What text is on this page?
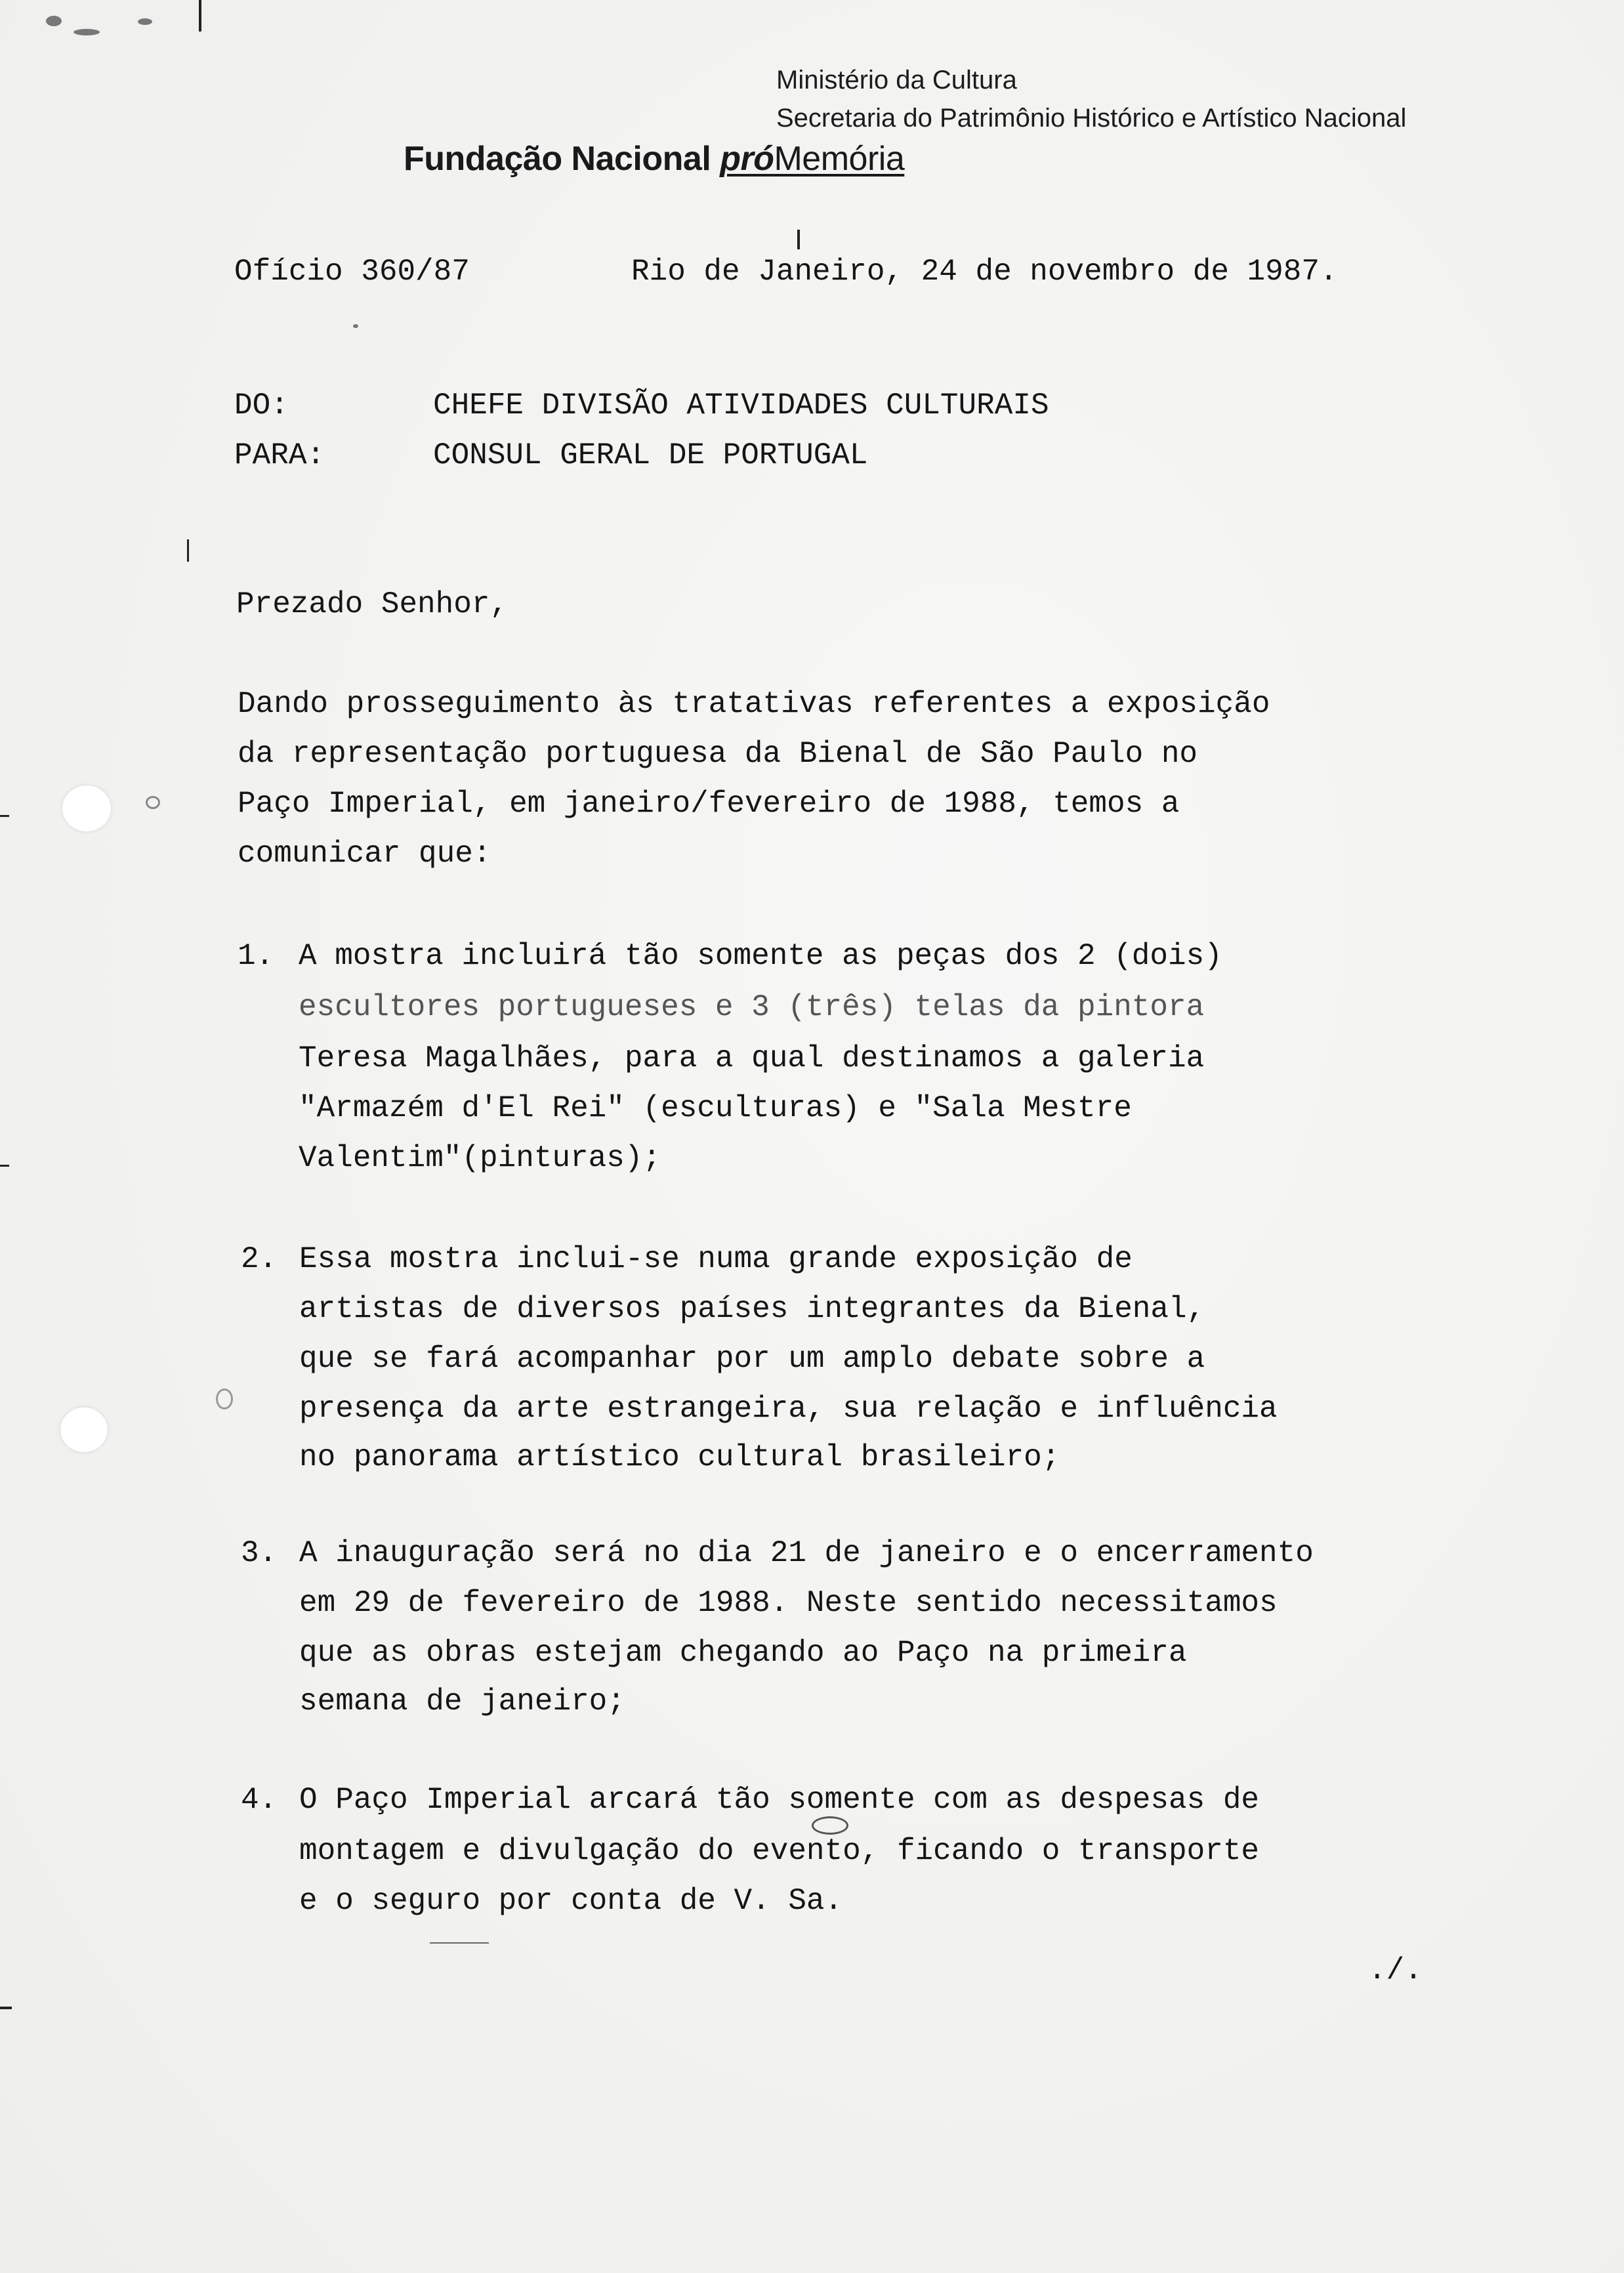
Ministério da Cultura
Secretaria do Patrimônio Histórico e Artístico Nacional
Fundação Nacional próMemória
Ofício 360/87	Rio de Janeiro, 24 de novembro de 1987.
DO:	CHEFE DIVISÃO ATIVIDADES CULTURAIS
PARA:	CONSUL GERAL DE PORTUGAL
Prezado Senhor,
Dando prosseguimento às tratativas referentes a exposição
da representação portuguesa da Bienal de São Paulo no
Paço Imperial, em janeiro/fevereiro de 1988, temos a
comunicar que:
1. A mostra incluirá tão somente as peças dos 2 (dois)
escultores portugueses e 3 (três) telas da pintora
Teresa Magalhães, para a qual destinamos a galeria
"Armazém d'El Rei" (esculturas) e "Sala Mestre
Valentim"(pinturas);
2. Essa mostra inclui-se numa grande exposição de
artistas de diversos países integrantes da Bienal,
que se fará acompanhar por um amplo debate sobre a
presença da arte estrangeira, sua relação e influência
no panorama artístico cultural brasileiro;
3. A inauguração será no dia 21 de janeiro e o encerramento
em 29 de fevereiro de 1988. Neste sentido necessitamos
que as obras estejam chegando ao Paço na primeira
semana de janeiro;
4. O Paço Imperial arcará tão somente com as despesas de
montagem e divulgação do evento, ficando o transporte
e o seguro por conta de V. Sa.
./.
